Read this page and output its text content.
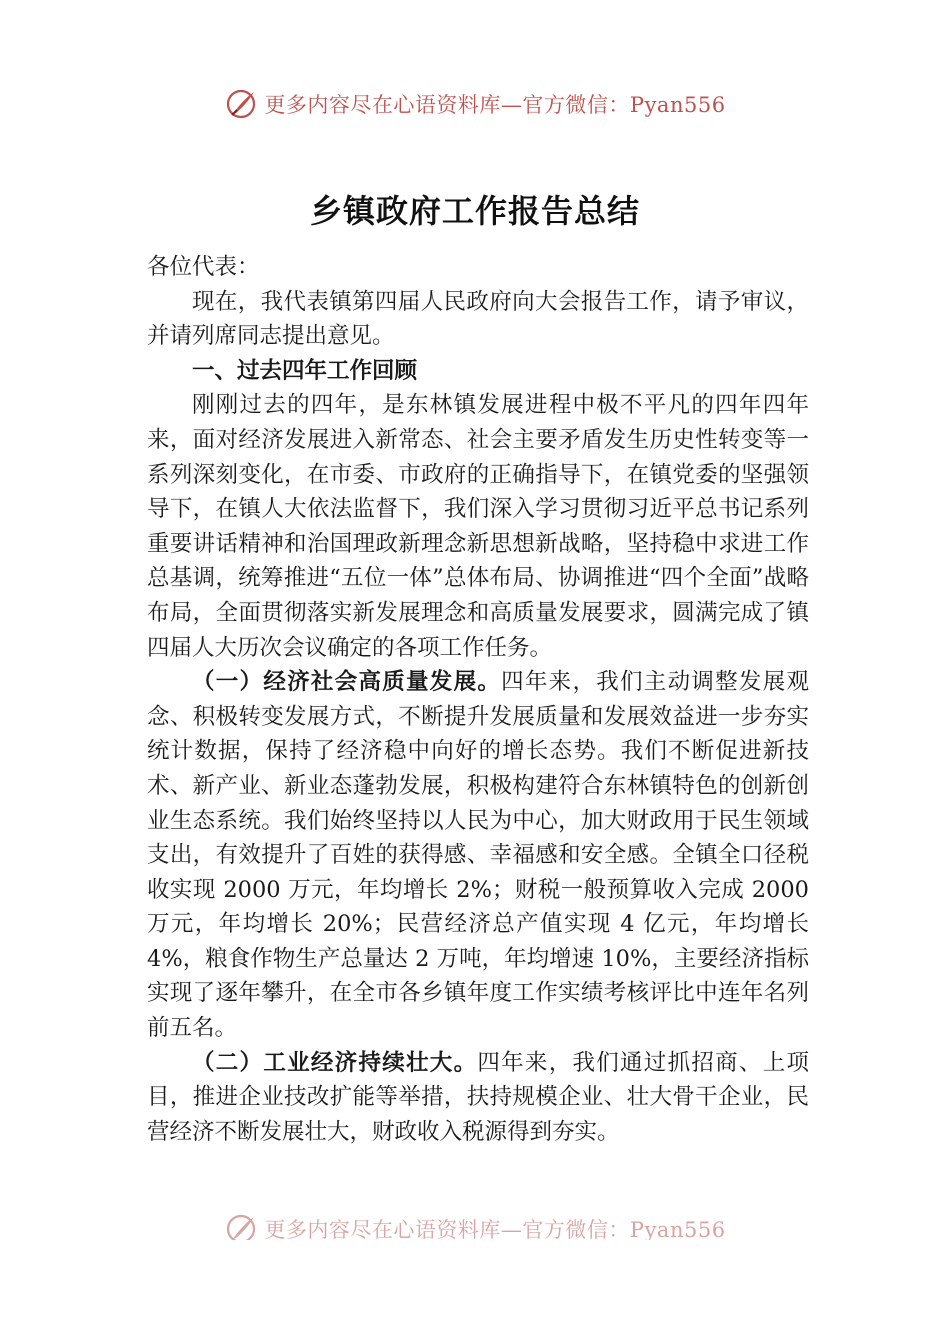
更多内容尽在心语资料库—官方微信：Pyan556
乡镇政府工作报告总结

各位代表：

现在，我代表镇第四届人民政府向大会报告工作，请予审议，并请列席同志提出意见。

一、过去四年工作回顾

刚刚过去的四年，是东林镇发展进程中极不平凡的四年四年来，面对经济发展进入新常态、社会主要矛盾发生历史性转变等一系列深刻变化，在市委、市政府的正确指导下，在镇党委的坚强领导下，在镇人大依法监督下，我们深入学习贯彻习近平总书记系列重要讲话精神和治国理政新理念新思想新战略，坚持稳中求进工作总基调，统筹推进“五位一体”总体布局、协调推进“四个全面”战略布局，全面贯彻落实新发展理念和高质量发展要求，圆满完成了镇四届人大历次会议确定的各项工作任务。

（一）经济社会高质量发展。四年来，我们主动调整发展观念、积极转变发展方式，不断提升发展质量和发展效益进一步夯实统计数据，保持了经济稳中向好的增长态势。我们不断促进新技术、新产业、新业态蓬勃发展，积极构建符合东林镇特色的创新创业生态系统。我们始终坚持以人民为中心，加大财政用于民生领域支出，有效提升了百姓的获得感、幸福感和安全感。全镇全口径税收实现 2000 万元，年均增长 2%；财税一般预算收入完成 2000 万元，年均增长 20%；民营经济总产值实现 4 亿元，年均增长 4%，粮食作物生产总量达 2 万吨，年均增速 10%，主要经济指标实现了逐年攀升，在全市各乡镇年度工作实绩考核评比中连年名列前五名。

（二）工业经济持续壮大。四年来，我们通过抓招商、上项目，推进企业技改扩能等举措，扶持规模企业、壮大骨干企业，民营经济不断发展壮大，财政收入税源得到夯实。

更多内容尽在心语资料库—官方微信：Pyan556
